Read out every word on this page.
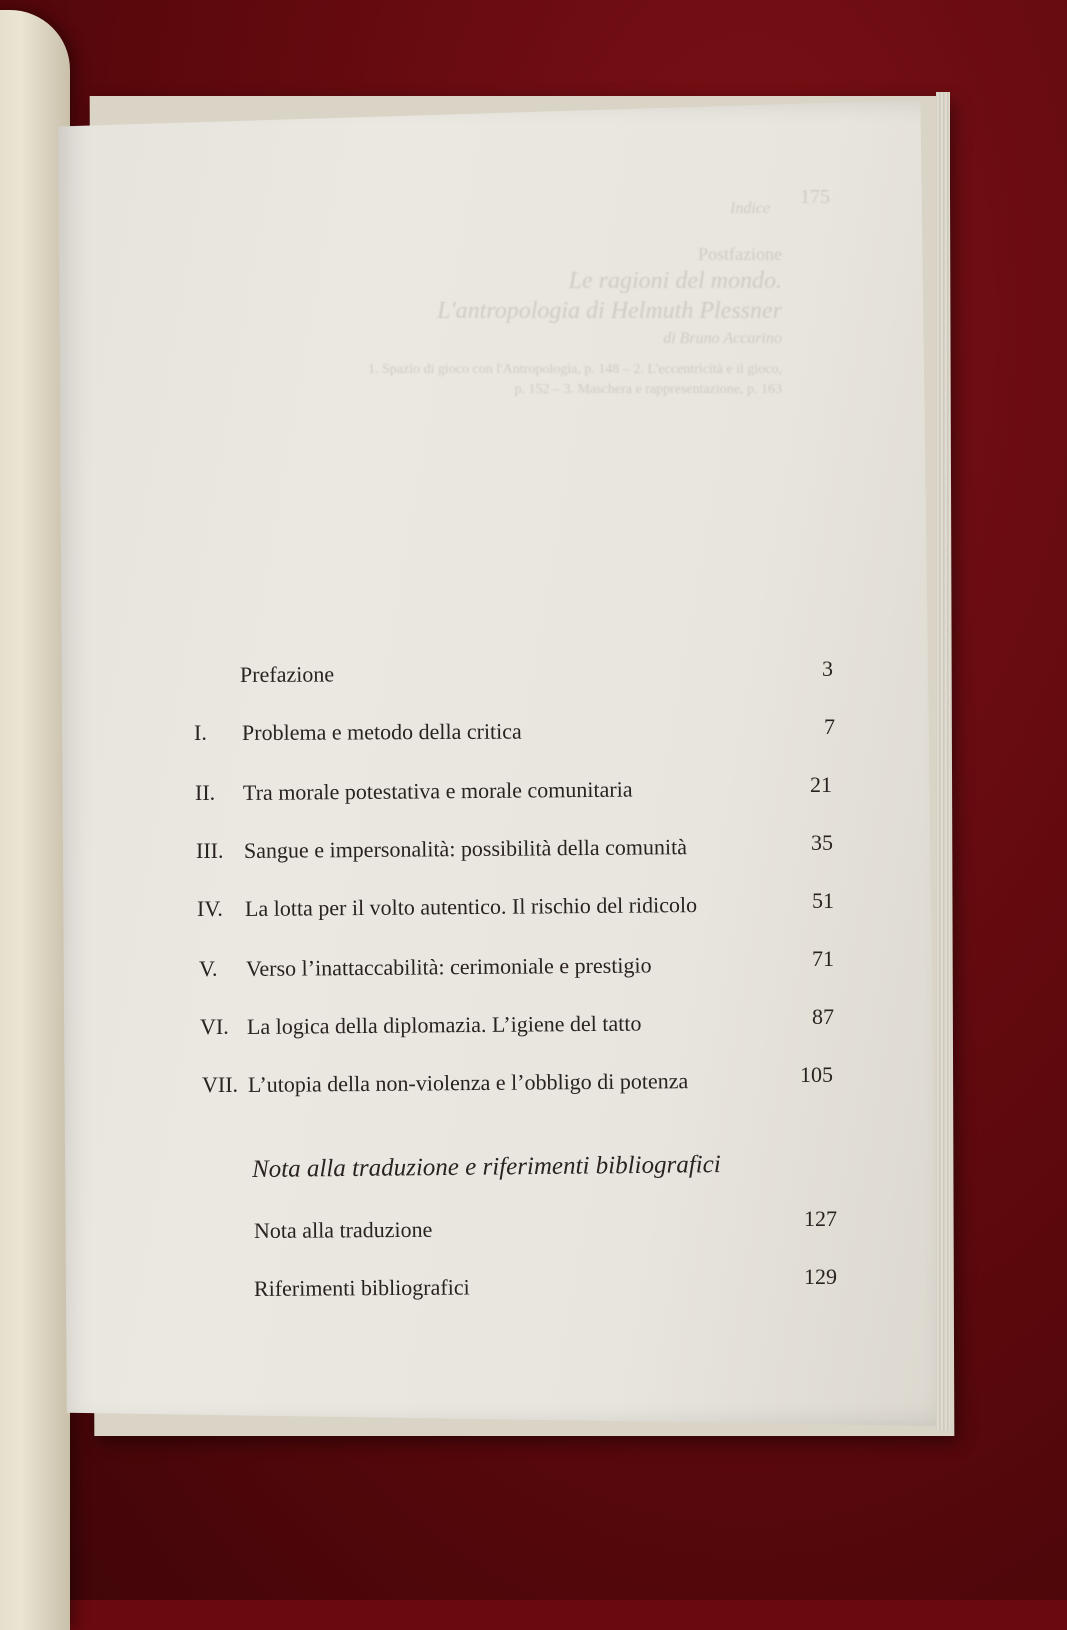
175
Indice
Postfazione
Le ragioni del mondo.
L'antropologia di Helmuth Plessner
di Bruno Accarino
1. Spazio di gioco con l'Antropologia, p. 148 – 2. L'eccentricità e il gioco,
p. 152 – 3. Maschera e rappresentazione, p. 163
Prefazione	3
I. Problema e metodo della critica	7
II. Tra morale potestativa e morale comunitaria	21
III. Sangue e impersonalità: possibilità della comunità	35
IV. La lotta per il volto autentico. Il rischio del ridicolo	51
V. Verso l’inattaccabilità: cerimoniale e prestigio	71
VI. La logica della diplomazia. L’igiene del tatto	87
VII. L’utopia della non-violenza e l’obbligo di potenza	105
Nota alla traduzione e riferimenti bibliografici
Nota alla traduzione	127
Riferimenti bibliografici	129
